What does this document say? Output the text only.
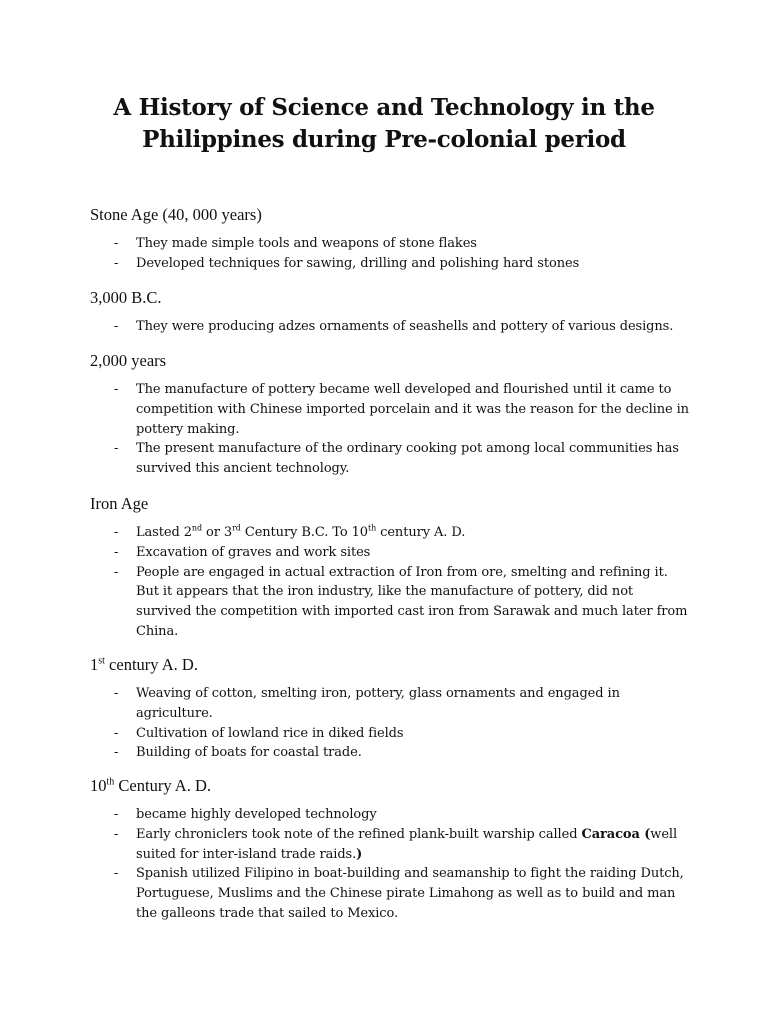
A History of Science and Technology in the
Philippines during Pre-colonial period
Stone Age (40, 000 years)
- They made simple tools and weapons of stone flakes
- Developed techniques for sawing, drilling and polishing hard stones
3,000 B.C.
- They were producing adzes ornaments of seashells and pottery of various designs.
2,000 years
- The manufacture of pottery became well developed and flourished until it came to competition with Chinese imported porcelain and it was the reason for the decline in pottery making.
- The present manufacture of the ordinary cooking pot among local communities has survived this ancient technology.
Iron Age
- Lasted 2nd or 3rd Century B.C. To 10th century A. D.
- Excavation of graves and work sites
- People are engaged in actual extraction of Iron from ore, smelting and refining it. But it appears that the iron industry, like the manufacture of pottery, did not survived the competition with imported cast iron from Sarawak and much later from China.
1st century A. D.
- Weaving of cotton, smelting iron, pottery, glass ornaments and engaged in agriculture.
- Cultivation of lowland rice in diked fields
- Building of boats for coastal trade.
10th Century A. D.
- became highly developed technology
- Early chroniclers took note of the refined plank-built warship called Caracoa (well suited for inter-island trade raids.)
- Spanish utilized Filipino in boat-building and seamanship to fight the raiding Dutch, Portuguese, Muslims and the Chinese pirate Limahong as well as to build and man the galleons trade that sailed to Mexico.
